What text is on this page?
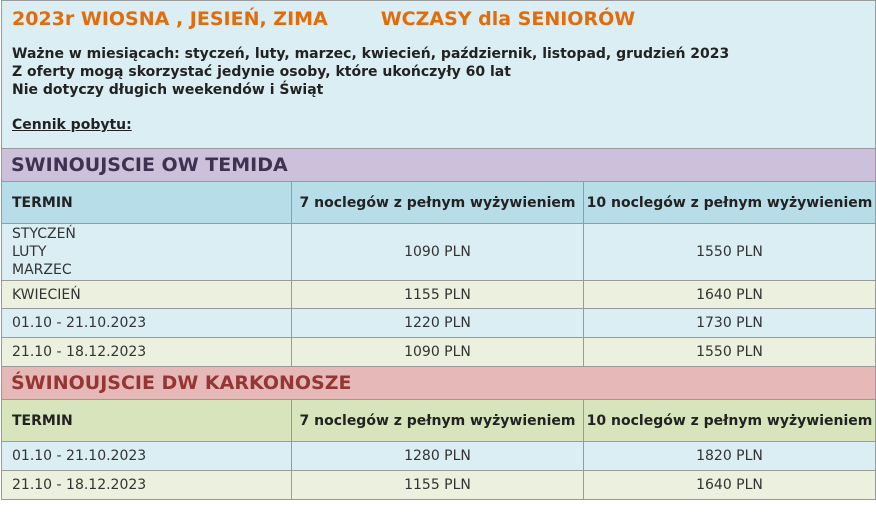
2023r WIOSNA , JESIEŃ, ZIMA WCZASY dla SENIORÓW
Ważne w miesiącach: styczeń, luty, marzec, kwiecień, październik, listopad, grudzień 2023
Z oferty mogą skorzystać jedynie osoby, które ukończyły 60 lat
Nie dotyczy długich weekendów i Świąt
Cennik pobytu:		

SWINOUJSCIE OW TEMIDA		
TERMIN	7 noclegów z pełnym wyżywieniem	10 noclegów z pełnym wyżywieniem
STYCZEŃ
LUTY
MARZEC	1090 PLN	1550 PLN
KWIECIEŃ	1155 PLN	1640 PLN
01.10 - 21.10.2023	1220 PLN	1730 PLN
21.10 - 18.12.2023	1090 PLN	1550 PLN
ŚWINOUJSCIE DW KARKONOSZE		
TERMIN	7 noclegów z pełnym wyżywieniem	10 noclegów z pełnym wyżywieniem
01.10 - 21.10.2023	1280 PLN	1820 PLN
21.10 - 18.12.2023	1155 PLN	1640 PLN
